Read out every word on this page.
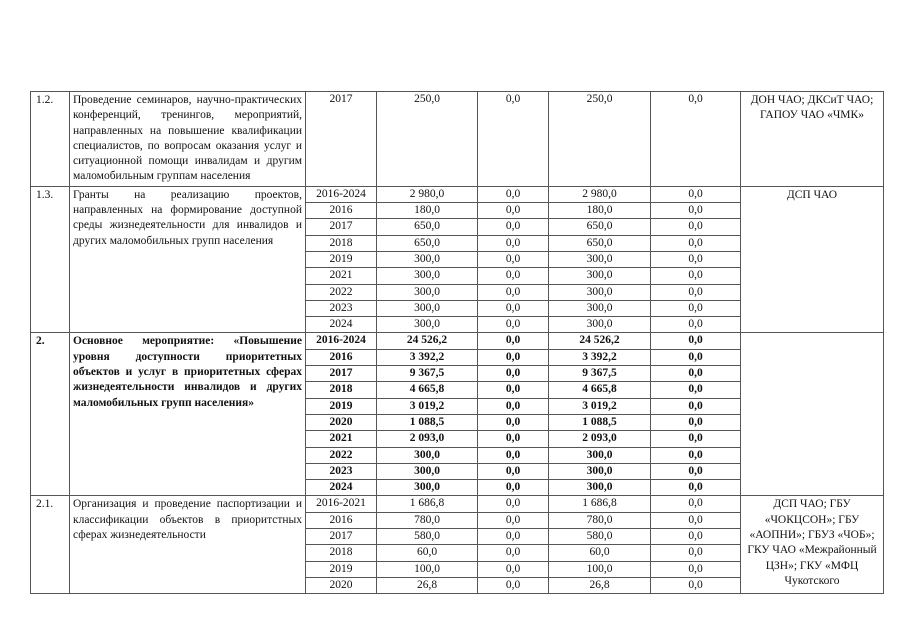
1.2.	Проведение семинаров, научно-практических конференций, тренингов, мероприятий, направленных на повышение квалификации специалистов, по вопросам оказания услуг и ситуационной помощи инвалидам и другим маломобильным группам населения	2017	250,0	0,0	250,0	0,0	ДОН ЧАО; ДКСиТ ЧАО; ГАПОУ ЧАО «ЧМК»
1.3.	Гранты на реализацию проектов, направленных на формирование доступной среды жизнедеятельности для инвалидов и других маломобильных групп населения	2016-2024	2 980,0	0,0	2 980,0	0,0	ДСП ЧАО
		2016	180,0	0,0	180,0	0,0	
		2017	650,0	0,0	650,0	0,0	
		2018	650,0	0,0	650,0	0,0	
		2019	300,0	0,0	300,0	0,0	
		2021	300,0	0,0	300,0	0,0	
		2022	300,0	0,0	300,0	0,0	
		2023	300,0	0,0	300,0	0,0	
		2024	300,0	0,0	300,0	0,0	
2.	Основное мероприятие: «Повышение уровня доступности приоритетных объектов и услуг в приоритетных сферах жизнедеятельности инвалидов и других маломобильных групп населения»	2016-2024	24 526,2	0,0	24 526,2	0,0	
		2016	3 392,2	0,0	3 392,2	0,0	
		2017	9 367,5	0,0	9 367,5	0,0	
		2018	4 665,8	0,0	4 665,8	0,0	
		2019	3 019,2	0,0	3 019,2	0,0	
		2020	1 088,5	0,0	1 088,5	0,0	
		2021	2 093,0	0,0	2 093,0	0,0	
		2022	300,0	0,0	300,0	0,0	
		2023	300,0	0,0	300,0	0,0	
		2024	300,0	0,0	300,0	0,0	
2.1.	Организация и проведение паспортизации и классификации объектов в приоритстных сферах жизнедеятельности	2016-2021	1 686,8	0,0	1 686,8	0,0	ДСП ЧАО; ГБУ «ЧОКЦСОН»; ГБУ «АОПНИ»; ГБУЗ «ЧОБ»; ГКУ ЧАО «Межрайонный ЦЗН»; ГКУ «МФЦ Чукотского
		2016	780,0	0,0	780,0	0,0	
		2017	580,0	0,0	580,0	0,0	
		2018	60,0	0,0	60,0	0,0	
		2019	100,0	0,0	100,0	0,0	
		2020	26,8	0,0	26,8	0,0	
